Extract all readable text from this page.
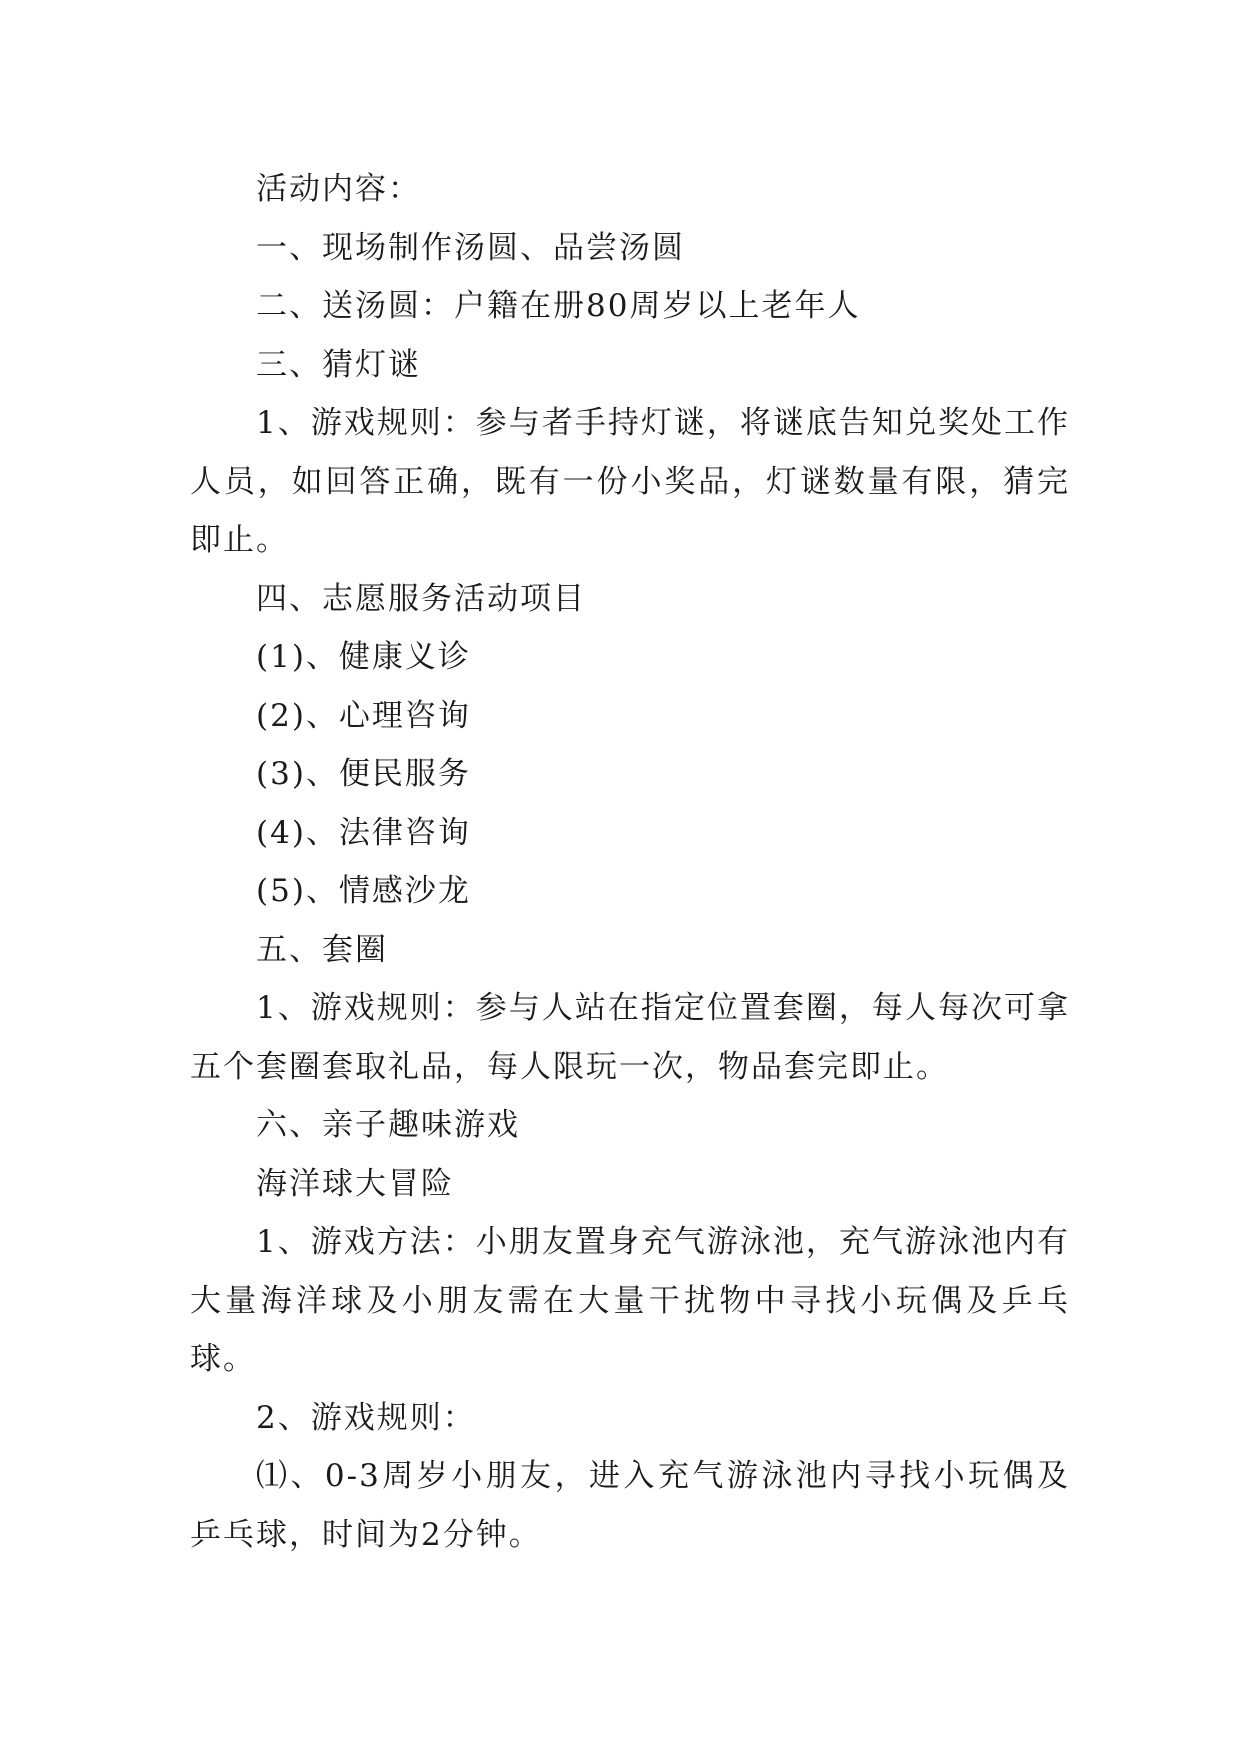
活动内容：

一、现场制作汤圆、品尝汤圆

二、送汤圆：户籍在册80周岁以上老年人

三、猜灯谜

1、游戏规则：参与者手持灯谜，将谜底告知兑奖处工作人员，如回答正确，既有一份小奖品，灯谜数量有限，猜完即止。

四、志愿服务活动项目

(1)、健康义诊

(2)、心理咨询

(3)、便民服务

(4)、法律咨询

(5)、情感沙龙

五、套圈

1、游戏规则：参与人站在指定位置套圈，每人每次可拿五个套圈套取礼品，每人限玩一次，物品套完即止。

六、亲子趣味游戏

海洋球大冒险

1、游戏方法：小朋友置身充气游泳池，充气游泳池内有大量海洋球及小朋友需在大量干扰物中寻找小玩偶及乒乓球。

2、游戏规则：

⑴、0-3周岁小朋友，进入充气游泳池内寻找小玩偶及乒乓球，时间为2分钟。
